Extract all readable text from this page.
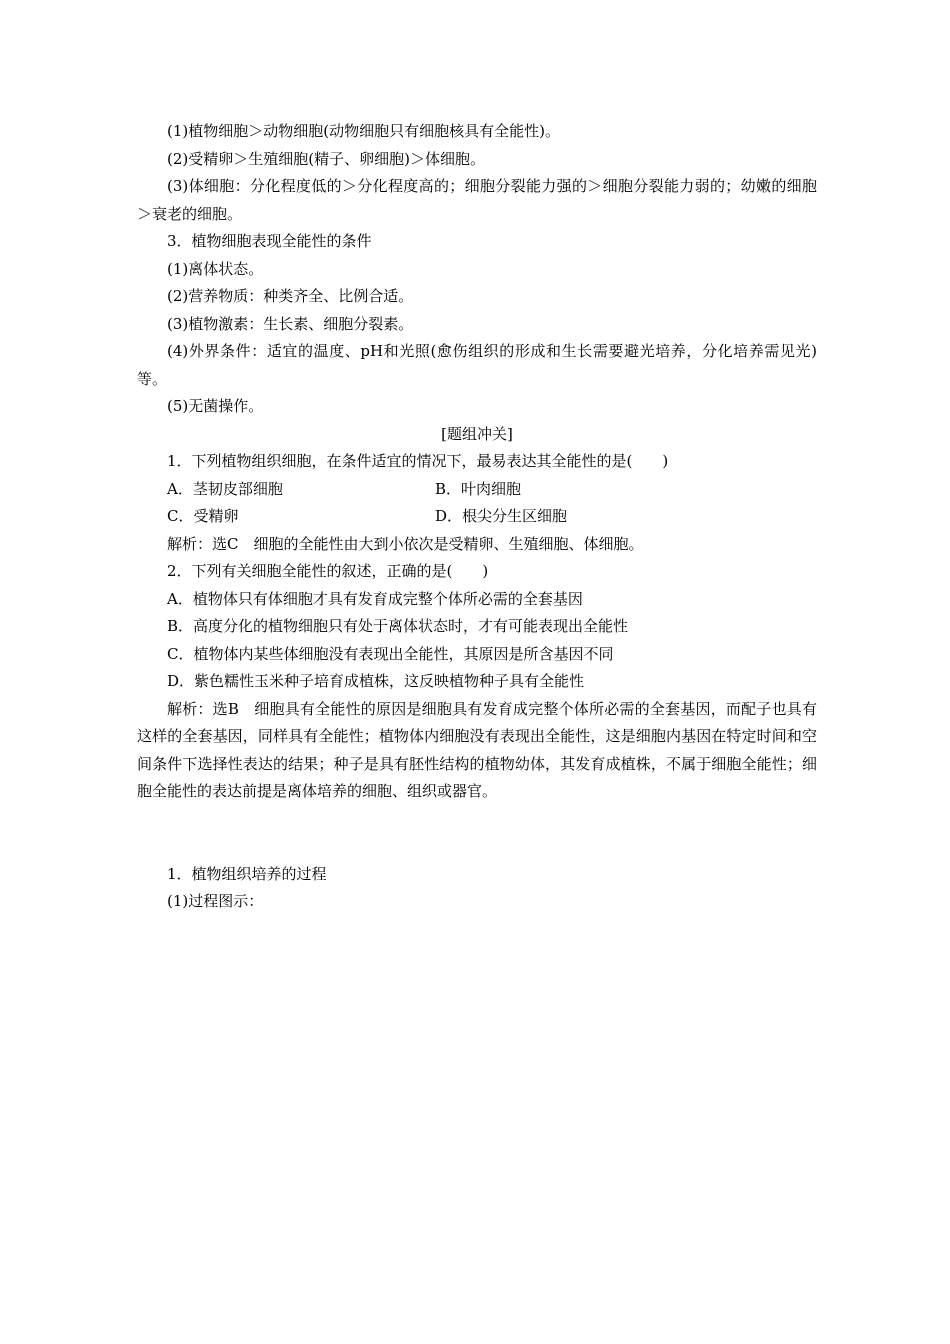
(1)植物细胞＞动物细胞(动物细胞只有细胞核具有全能性)。
(2)受精卵＞生殖细胞(精子、卵细胞)＞体细胞。
(3)体细胞：分化程度低的＞分化程度高的；细胞分裂能力强的＞细胞分裂能力弱的；幼嫩的细胞＞衰老的细胞。
3．植物细胞表现全能性的条件
(1)离体状态。
(2)营养物质：种类齐全、比例合适。
(3)植物激素：生长素、细胞分裂素。
(4)外界条件：适宜的温度、pH和光照(愈伤组织的形成和生长需要避光培养，分化培养需见光)等。
(5)无菌操作。
[题组冲关]
1．下列植物组织细胞，在条件适宜的情况下，最易表达其全能性的是(　　)
A．茎韧皮部细胞	B．叶肉细胞
C．受精卵	D．根尖分生区细胞
解析：选C　细胞的全能性由大到小依次是受精卵、生殖细胞、体细胞。
2．下列有关细胞全能性的叙述，正确的是(　　)
A．植物体只有体细胞才具有发育成完整个体所必需的全套基因
B．高度分化的植物细胞只有处于离体状态时，才有可能表现出全能性
C．植物体内某些体细胞没有表现出全能性，其原因是所含基因不同
D．紫色糯性玉米种子培育成植株，这反映植物种子具有全能性
解析：选B　细胞具有全能性的原因是细胞具有发育成完整个体所必需的全套基因，而配子也具有这样的全套基因，同样具有全能性；植物体内细胞没有表现出全能性，这是细胞内基因在特定时间和空间条件下选择性表达的结果；种子是具有胚性结构的植物幼体，其发育成植株，不属于细胞全能性；细胞全能性的表达前提是离体培养的细胞、组织或器官。
1．植物组织培养的过程
(1)过程图示：
